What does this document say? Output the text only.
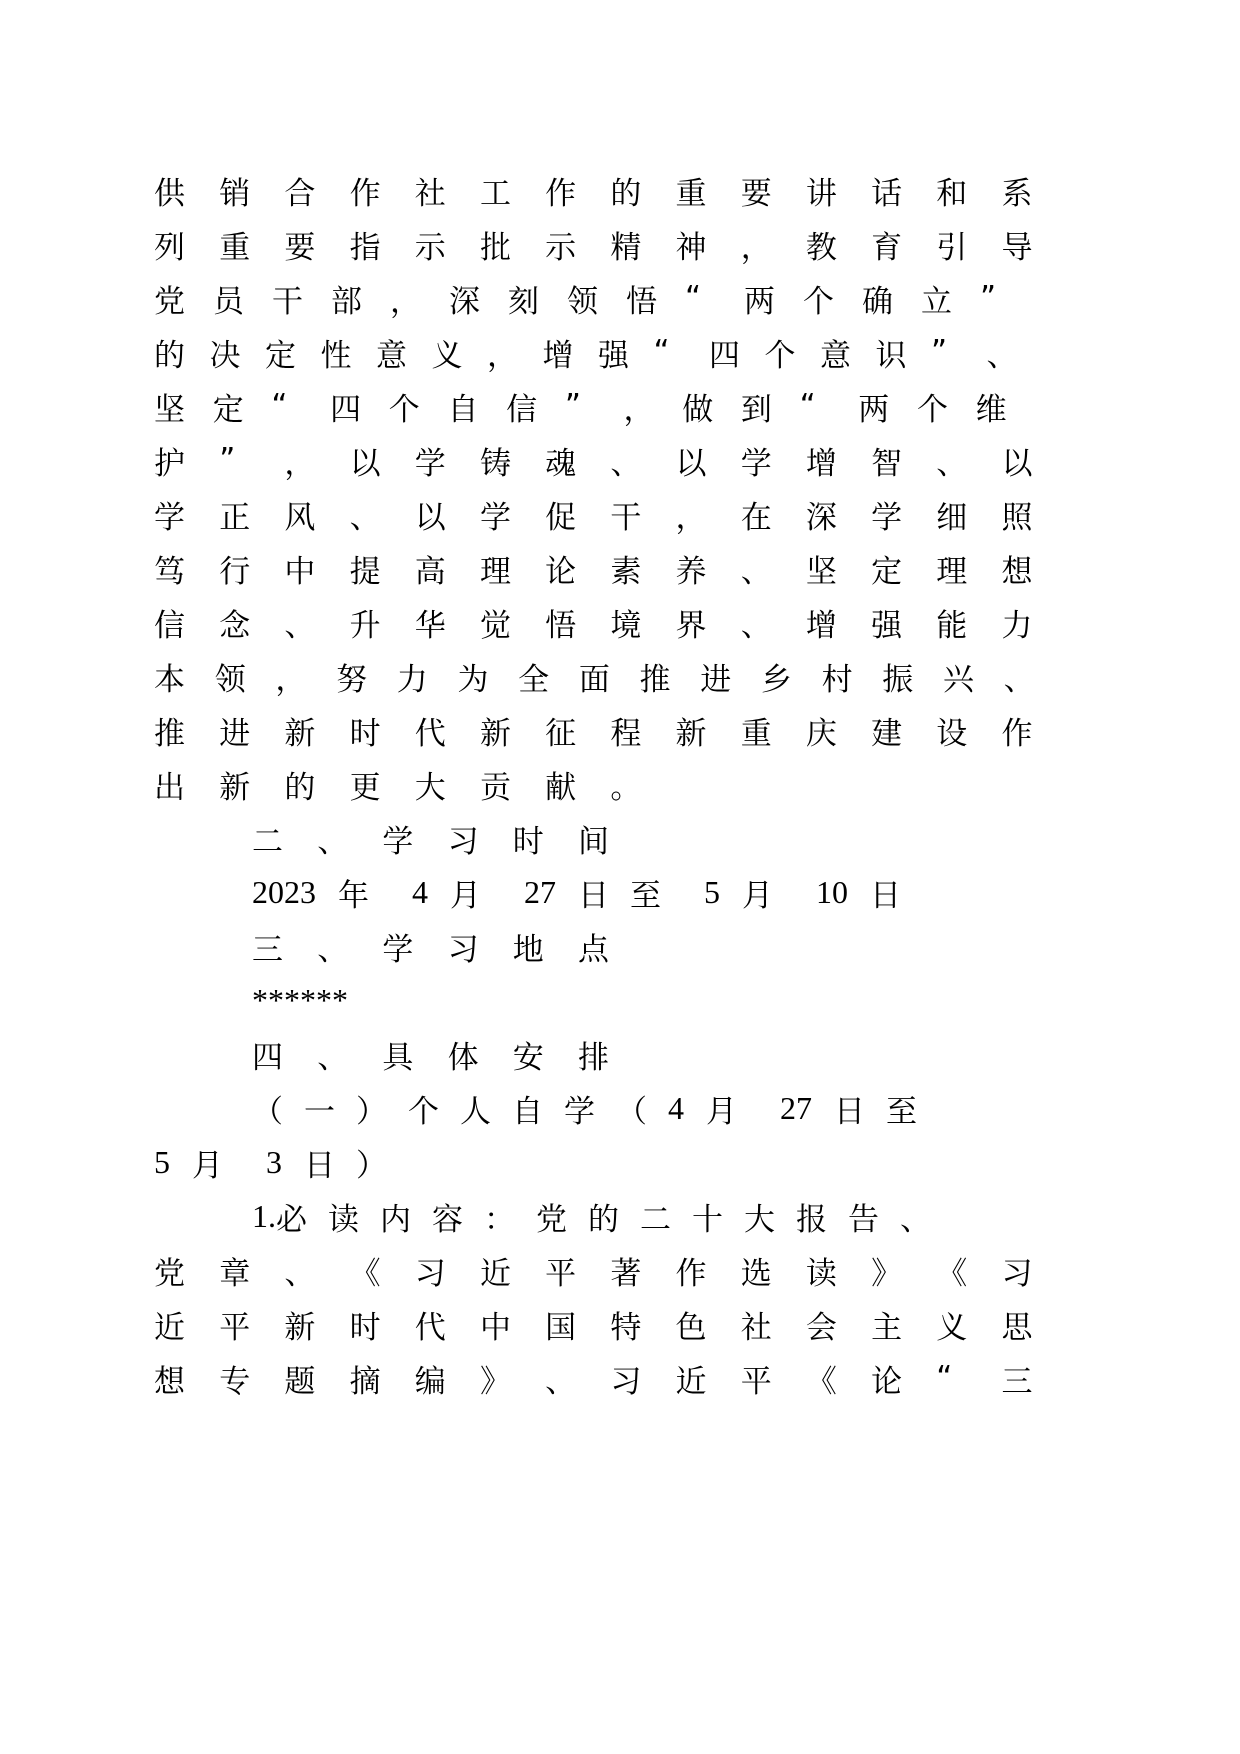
供	销	合	作	社	工	作	的	重	要	讲	话	和	系
列	重	要	指	示	批	示	精	神	，	教	育	引	导
党 员 干 部 ， 深 刻 领 悟 “	两 个 确 立 ”
的 决 定 性 意 义 ， 增 强 “	四 个 意 识 ”	、
坚 定 “	四 个 自 信 ”	， 做 到 “	两 个 维
护	”	，	以	学	铸	魂	、	以	学	增	智	、	以
学	正	风	、	以	学	促	干	，	在	深	学	细	照
笃	行	中	提	高	理	论	素	养	、	坚	定	理	想
信	念	、	升	华	觉	悟	境	界	、	增	强	能	力
本 领 ， 努 力 为 全 面 推 进 乡 村 振 兴 、
推	进	新	时	代	新	征	程	新	重	庆	建	设	作
出	新	的	更	大	贡	献	。
二	、	学	习	时	间
2023 年	4 月	27 日 至	5 月	10 日
三	、	学	习	地	点
******
四	、	具	体	安	排
（ 一 ） 个 人 自 学 （ 4 月	27 日 至
5 月	3 日 ）
1. 必 读 内 容 ： 党 的 二 十 大 报 告 、
党	章	、	《	习	近	平	著	作	选	读	》	《	习
近	平	新	时	代	中	国	特	色	社	会	主	义	思
想	专	题	摘	编	》	、	习	近	平	《	论	“	三
